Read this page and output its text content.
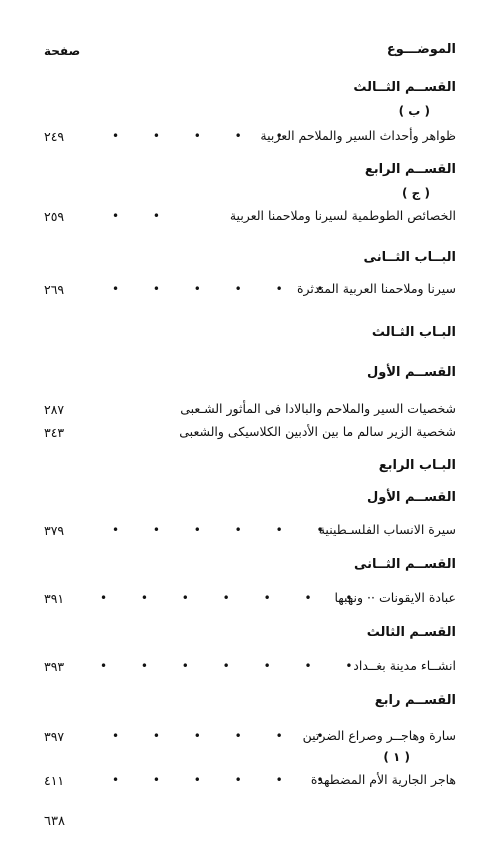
الموضـــوع
صفحة
القســم الثــالث
( ب )
ظواهر وأحداث السير والملاحم العربية
• • • • •
٢٤٩
القســم الرابع
( ج )
الخصائص الطوطمية لسيرنا وملاحمنا العربية
• •
٢٥٩
البــاب الثــانى
سيرنا وملاحمنا العربية المندثرة
• • • • • •
٢٦٩
البـاب الثـالث
القســم الأول
شخصيات السير والملاحم والبالادا فى المأثور الشـعبى
٢٨٧
شخصية الزير سالم ما بين الأدبين الكلاسيكى والشعبى
٣٤٣
البـاب الرابع
القســم الأول
سيرة الانساب الفلسـطينية
• • • • • •
٣٧٩
القســم الثــانى
عبادة الايقونات ·· ونهبها
• • • • • • •
٣٩١
القسـم الثالث
انشــاء مدينة بغــداد
• • • • • • •
٣٩٣
القســم رابع
سارة وهاجــر وصراع الضرتين
• • • • • •
٣٩٧
( ١ )
هاجر الجارية الأم المضطهدة
• • • • • •
٤١١
٦٣٨
